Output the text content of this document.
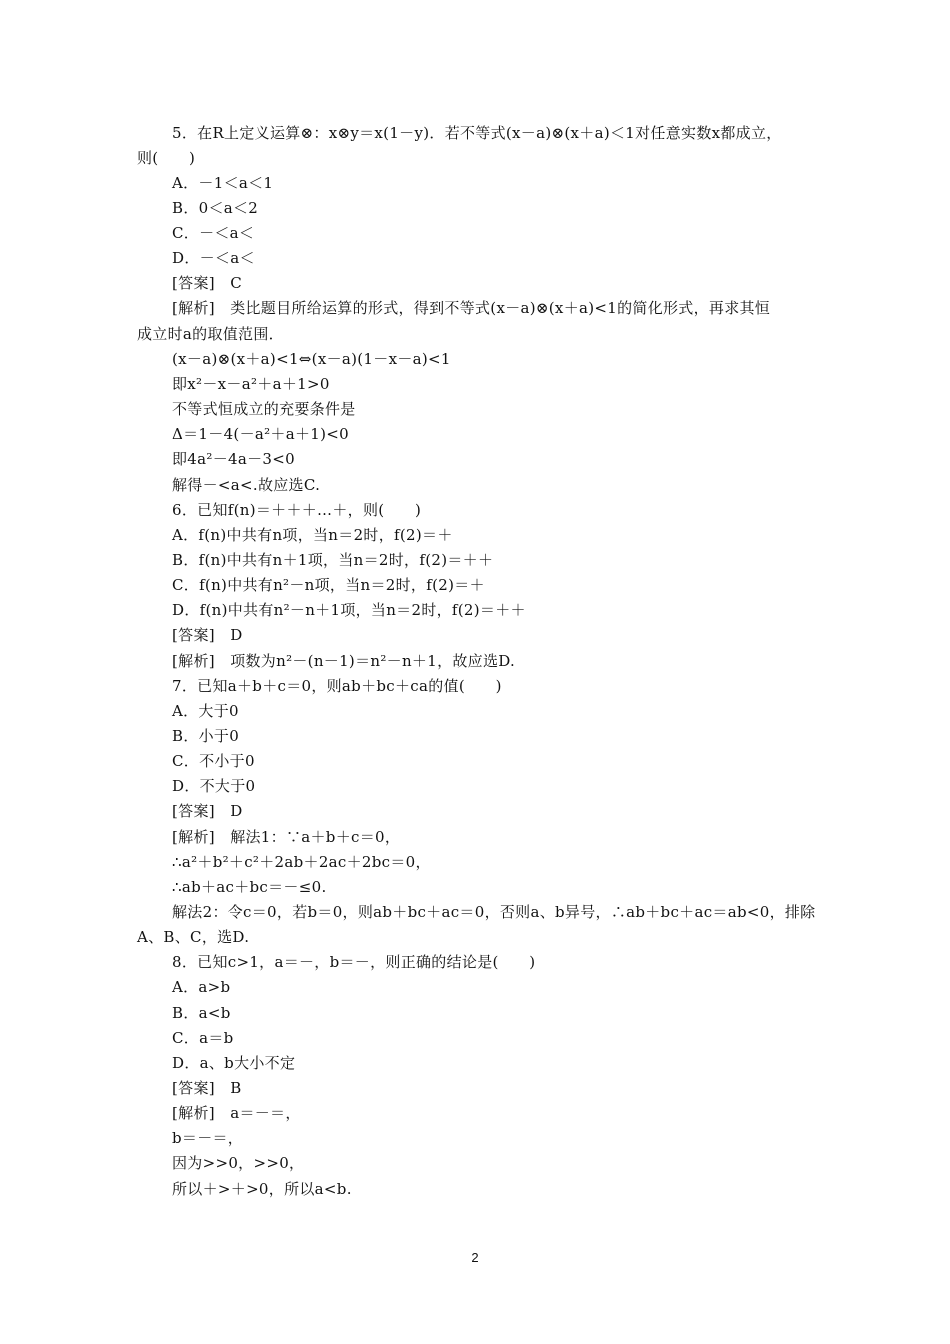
5．在R上定义运算⊗：x⊗y＝x(1－y)．若不等式(x－a)⊗(x＋a)＜1对任意实数x都成立，
则(　　)
A．－1＜a＜1
B．0＜a＜2
C．－＜a＜
D．－＜a＜
[答案]　C
[解析]　类比题目所给运算的形式，得到不等式(x－a)⊗(x＋a)<1的简化形式，再求其恒
成立时a的取值范围．
(x－a)⊗(x＋a)<1⇔(x－a)(1－x－a)<1
即x²－x－a²＋a＋1>0
不等式恒成立的充要条件是
Δ＝1－4(－a²＋a＋1)<0
即4a²－4a－3<0
解得－<a<.故应选C.
6．已知f(n)＝＋＋＋…＋，则(　　)
A．f(n)中共有n项，当n＝2时，f(2)＝＋
B．f(n)中共有n＋1项，当n＝2时，f(2)＝＋＋
C．f(n)中共有n²－n项，当n＝2时，f(2)＝＋
D．f(n)中共有n²－n＋1项，当n＝2时，f(2)＝＋＋
[答案]　D
[解析]　项数为n²－(n－1)＝n²－n＋1，故应选D.
7．已知a＋b＋c＝0，则ab＋bc＋ca的值(　　)
A．大于0
B．小于0
C．不小于0
D．不大于0
[答案]　D
[解析]　解法1：∵a＋b＋c＝0，
∴a²＋b²＋c²＋2ab＋2ac＋2bc＝0，
∴ab＋ac＋bc＝－≤0.
解法2：令c＝0，若b＝0，则ab＋bc＋ac＝0，否则a、b异号，∴ab＋bc＋ac＝ab<0，排除
A、B、C，选D.
8．已知c>1，a＝－，b＝－，则正确的结论是(　　)
A．a>b
B．a<b
C．a＝b
D．a、b大小不定
[答案]　B
[解析]　a＝－＝，
b＝－＝，
因为>>0，>>0，
所以＋>＋>0，所以a<b.
2
